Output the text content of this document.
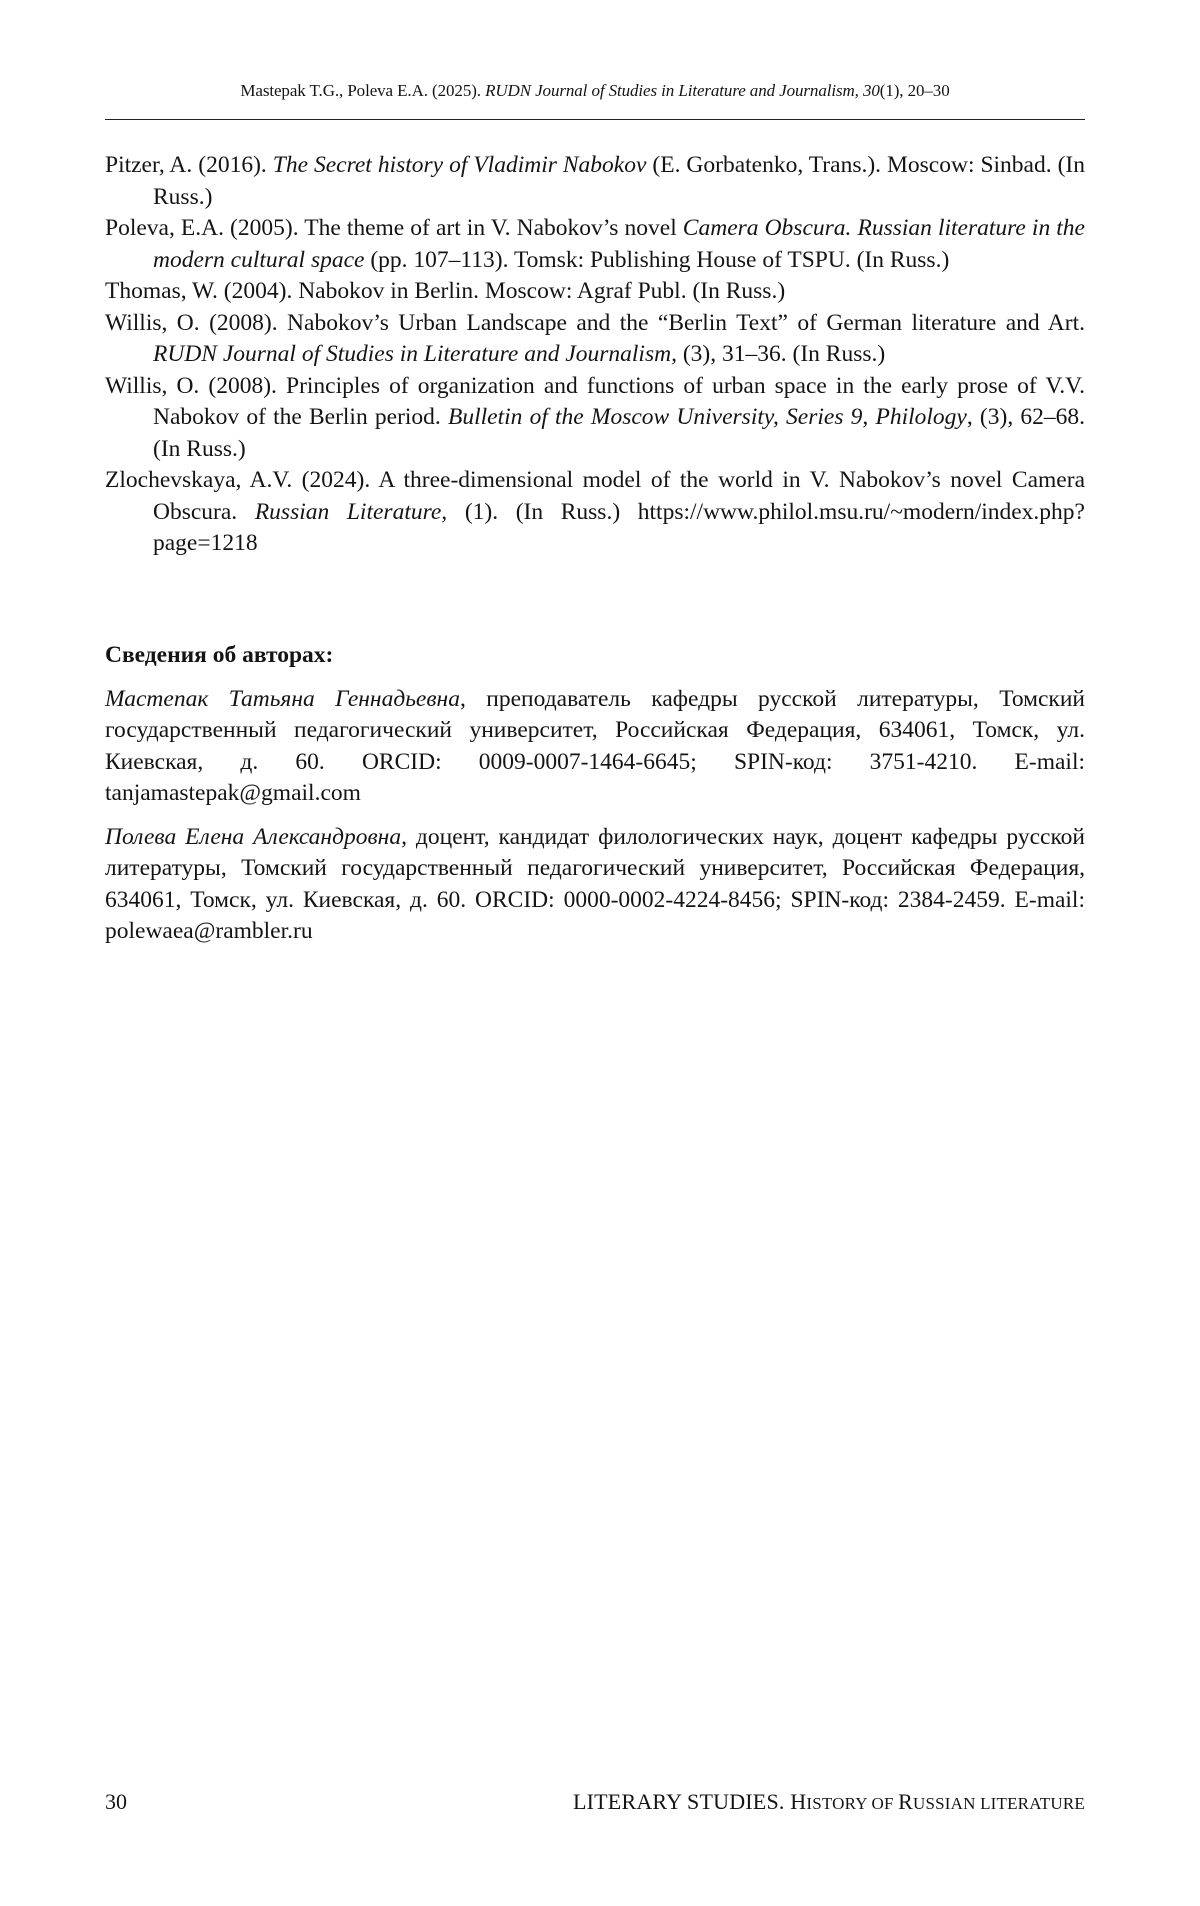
Mastepak T.G., Poleva E.A. (2025). RUDN Journal of Studies in Literature and Journalism, 30(1), 20–30

Pitzer, A. (2016). The Secret history of Vladimir Nabokov (E. Gorbatenko, Trans.). Moscow: Sinbad. (In Russ.)

Poleva, E.A. (2005). The theme of art in V. Nabokov’s novel Camera Obscura. Russian literature in the modern cultural space (pp. 107–113). Tomsk: Publishing House of TSPU. (In Russ.)

Thomas, W. (2004). Nabokov in Berlin. Moscow: Agraf Publ. (In Russ.)

Willis, O. (2008). Nabokov’s Urban Landscape and the “Berlin Text” of German literature and Art. RUDN Journal of Studies in Literature and Journalism, (3), 31–36. (In Russ.)

Willis, O. (2008). Principles of organization and functions of urban space in the early prose of V.V. Nabokov of the Berlin period. Bulletin of the Moscow University, Series 9, Philology, (3), 62–68. (In Russ.)

Zlochevskaya, A.V. (2024). A three-dimensional model of the world in V. Nabokov’s novel Camera Obscura. Russian Literature, (1). (In Russ.) https://www.philol.msu.ru/~modern/index.php?page=1218

Сведения об авторах:

Мастепак Татьяна Геннадьевна, преподаватель кафедры русской литературы, Томский государственный педагогический университет, Российская Федерация, 634061, Томск, ул. Киевская, д. 60. ORCID: 0009-0007-1464-6645; SPIN-код: 3751-4210. E-mail: tanjamastepak@gmail.com

Полева Елена Александровна, доцент, кандидат филологических наук, доцент кафедры русской литературы, Томский государственный педагогический университет, Российская Федерация, 634061, Томск, ул. Киевская, д. 60. ORCID: 0000-0002-4224-8456; SPIN-код: 2384-2459. E-mail: polewaea@rambler.ru

30	LITERARY STUDIES. HISTORY OF RUSSIAN LITERATURE
